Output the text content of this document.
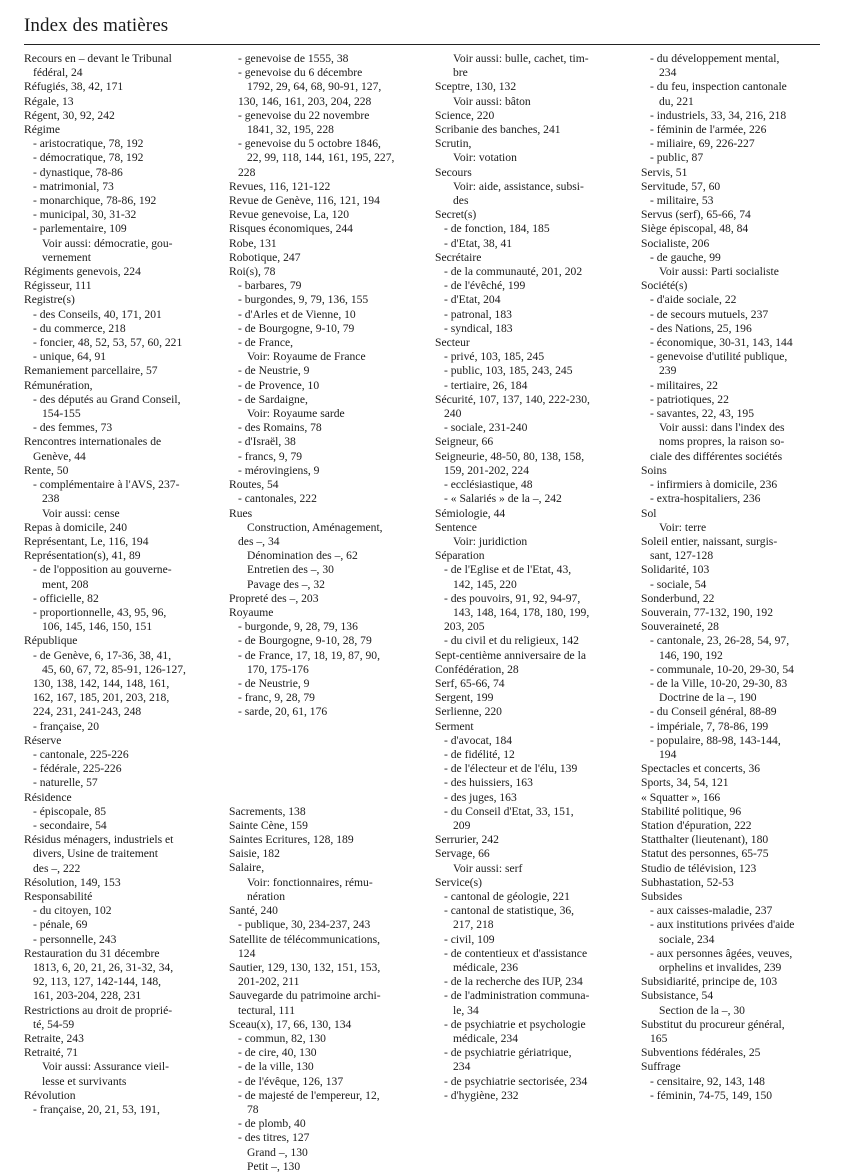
Index des matières
Recours en – devant le Tribunal
fédéral, 24
Réfugiés, 38, 42, 171
Régale, 13
Régent, 30, 92, 242
Régime
- aristocratique, 78, 192
- démocratique, 78, 192
- dynastique, 78-86
- matrimonial, 73
- monarchique, 78-86, 192
- municipal, 30, 31-32
- parlementaire, 109
Voir aussi: démocratie, gou-
vernement
Régiments genevois, 224
Régisseur, 111
Registre(s)
- des Conseils, 40, 171, 201
- du commerce, 218
- foncier, 48, 52, 53, 57, 60, 221
- unique, 64, 91
Remaniement parcellaire, 57
Rémunération,
- des députés au Grand Conseil,
154-155
- des femmes, 73
Rencontres internationales de
Genève, 44
Rente, 50
- complémentaire à l'AVS, 237-
238
Voir aussi: cense
Repas à domicile, 240
Représentant, Le, 116, 194
Représentation(s), 41, 89
- de l'opposition au gouverne-
ment, 208
- officielle, 82
- proportionnelle, 43, 95, 96,
106, 145, 146, 150, 151
République
- de Genève, 6, 17-36, 38, 41,
45, 60, 67, 72, 85-91, 126-127,
130, 138, 142, 144, 148, 161,
162, 167, 185, 201, 203, 218,
224, 231, 241-243, 248
- française, 20
Réserve
- cantonale, 225-226
- fédérale, 225-226
- naturelle, 57
Résidence
- épiscopale, 85
- secondaire, 54
Résidus ménagers, industriels et
divers, Usine de traitement
des –, 222
Résolution, 149, 153
Responsabilité
- du citoyen, 102
- pénale, 69
- personnelle, 243
Restauration du 31 décembre
1813, 6, 20, 21, 26, 31-32, 34,
92, 113, 127, 142-144, 148,
161, 203-204, 228, 231
Restrictions au droit de proprié-
té, 54-59
Retraite, 243
Retraité, 71
Voir aussi: Assurance vieil-
lesse et survivants
Révolution
- française, 20, 21, 53, 191,
- genevoise de 1555, 38
- genevoise du 6 décembre
1792, 29, 64, 68, 90-91, 127,
130, 146, 161, 203, 204, 228
- genevoise du 22 novembre
1841, 32, 195, 228
- genevoise du 5 octobre 1846,
22, 99, 118, 144, 161, 195, 227,
228
Revues, 116, 121-122
Revue de Genève, 116, 121, 194
Revue genevoise, La, 120
Risques économiques, 244
Robe, 131
Robotique, 247
Roi(s), 78
- barbares, 79
- burgondes, 9, 79, 136, 155
- d'Arles et de Vienne, 10
- de Bourgogne, 9-10, 79
- de France,
Voir: Royaume de France
- de Neustrie, 9
- de Provence, 10
- de Sardaigne,
Voir: Royaume sarde
- des Romains, 78
- d'Israël, 38
- francs, 9, 79
- mérovingiens, 9
Routes, 54
- cantonales, 222
Rues
Construction, Aménagement,
des –, 34
Dénomination des –, 62
Entretien des –, 30
Pavage des –, 32
Propreté des –, 203
Royaume
- burgonde, 9, 28, 79, 136
- de Bourgogne, 9-10, 28, 79
- de France, 17, 18, 19, 87, 90,
170, 175-176
- de Neustrie, 9
- franc, 9, 28, 79
- sarde, 20, 61, 176
Sacrements, 138
Sainte Cène, 159
Saintes Ecritures, 128, 189
Saisie, 182
Salaire,
Voir: fonctionnaires, rému-
nération
Santé, 240
- publique, 30, 234-237, 243
Satellite de télécommunications,
124
Sautier, 129, 130, 132, 151, 153,
201-202, 211
Sauvegarde du patrimoine archi-
tectural, 111
Sceau(x), 17, 66, 130, 134
- commun, 82, 130
- de cire, 40, 130
- de la ville, 130
- de l'évêque, 126, 137
- de majesté de l'empereur, 12,
78
- de plomb, 40
- des titres, 127
Grand –, 130
Petit –, 130
Voir aussi: bulle, cachet, tim-
bre
Sceptre, 130, 132
Voir aussi: bâton
Science, 220
Scribanie des banches, 241
Scrutin,
Voir: votation
Secours
Voir: aide, assistance, subsi-
des
Secret(s)
- de fonction, 184, 185
- d'Etat, 38, 41
Secrétaire
- de la communauté, 201, 202
- de l'évêché, 199
- d'Etat, 204
- patronal, 183
- syndical, 183
Secteur
- privé, 103, 185, 245
- public, 103, 185, 243, 245
- tertiaire, 26, 184
Sécurité, 107, 137, 140, 222-230,
240
- sociale, 231-240
Seigneur, 66
Seigneurie, 48-50, 80, 138, 158,
159, 201-202, 224
- ecclésiastique, 48
- « Salariés » de la –, 242
Sémiologie, 44
Sentence
Voir: juridiction
Séparation
- de l'Eglise et de l'Etat, 43,
142, 145, 220
- des pouvoirs, 91, 92, 94-97,
143, 148, 164, 178, 180, 199,
203, 205
- du civil et du religieux, 142
Sept-centième anniversaire de la
Confédération, 28
Serf, 65-66, 74
Sergent, 199
Serlienne, 220
Serment
- d'avocat, 184
- de fidélité, 12
- de l'électeur et de l'élu, 139
- des huissiers, 163
- des juges, 163
- du Conseil d'Etat, 33, 151,
209
Serrurier, 242
Servage, 66
Voir aussi: serf
Service(s)
- cantonal de géologie, 221
- cantonal de statistique, 36,
217, 218
- civil, 109
- de contentieux et d'assistance
médicale, 236
- de la recherche des IUP, 234
- de l'administration communa-
le, 34
- de psychiatrie et psychologie
médicale, 234
- de psychiatrie gériatrique,
234
- de psychiatrie sectorisée, 234
- d'hygiène, 232
- du développement mental,
234
- du feu, inspection cantonale
du, 221
- industriels, 33, 34, 216, 218
- féminin de l'armée, 226
- miliaire, 69, 226-227
- public, 87
Servis, 51
Servitude, 57, 60
- militaire, 53
Servus (serf), 65-66, 74
Siège épiscopal, 48, 84
Socialiste, 206
- de gauche, 99
Voir aussi: Parti socialiste
Société(s)
- d'aide sociale, 22
- de secours mutuels, 237
- des Nations, 25, 196
- économique, 30-31, 143, 144
- genevoise d'utilité publique,
239
- militaires, 22
- patriotiques, 22
- savantes, 22, 43, 195
Voir aussi: dans l'index des
noms propres, la raison so-
ciale des différentes sociétés
Soins
- infirmiers à domicile, 236
- extra-hospitaliers, 236
Sol
Voir: terre
Soleil entier, naissant, surgis-
sant, 127-128
Solidarité, 103
- sociale, 54
Sonderbund, 22
Souverain, 77-132, 190, 192
Souveraineté, 28
- cantonale, 23, 26-28, 54, 97,
146, 190, 192
- communale, 10-20, 29-30, 54
- de la Ville, 10-20, 29-30, 83
Doctrine de la –, 190
- du Conseil général, 88-89
- impériale, 7, 78-86, 199
- populaire, 88-98, 143-144,
194
Spectacles et concerts, 36
Sports, 34, 54, 121
« Squatter », 166
Stabilité politique, 96
Station d'épuration, 222
Statthalter (lieutenant), 180
Statut des personnes, 65-75
Studio de télévision, 123
Subhastation, 52-53
Subsides
- aux caisses-maladie, 237
- aux institutions privées d'aide
sociale, 234
- aux personnes âgées, veuves,
orphelins et invalides, 239
Subsidiarité, principe de, 103
Subsistance, 54
Section de la –, 30
Substitut du procureur général,
165
Subventions fédérales, 25
Suffrage
- censitaire, 92, 143, 148
- féminin, 74-75, 149, 150
